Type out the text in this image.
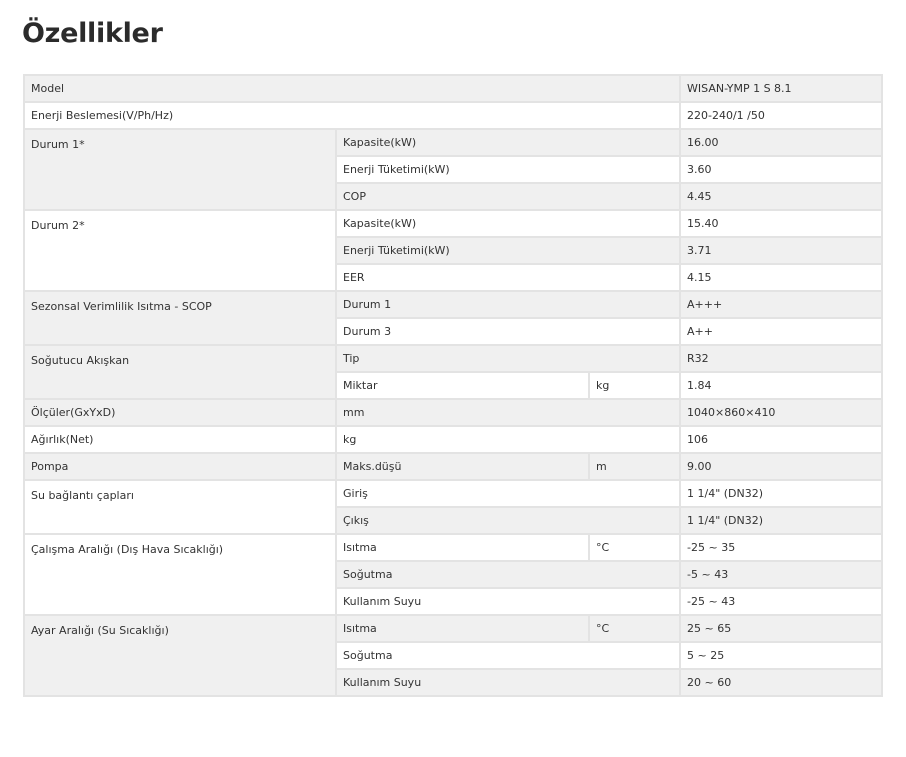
Özellikler
Model			WISAN-YMP 1 S 8.1
Enerji Beslemesi(V/Ph/Hz)			220-240/1 /50
Durum 1*	Kapasite(kW)		16.00
	Enerji Tüketimi(kW)		3.60
	COP		4.45
Durum 2*	Kapasite(kW)		15.40
	Enerji Tüketimi(kW)		3.71
	EER		4.15
Sezonsal Verimlilik Isıtma - SCOP	Durum 1		A+++
	Durum 3		A++
Soğutucu Akışkan	Tip		R32
	Miktar	kg	1.84
Ölçüler(GxYxD)	mm		1040×860×410
Ağırlık(Net)	kg		106
Pompa	Maks.düşü	m	9.00
Su bağlantı çapları	Giriş		1 1/4" (DN32)
	Çıkış		1 1/4" (DN32)
Çalışma Aralığı (Dış Hava Sıcaklığı)	Isıtma	°C	-25 ~ 35
	Soğutma		-5 ~ 43
	Kullanım Suyu		-25 ~ 43
Ayar Aralığı (Su Sıcaklığı)	Isıtma	°C	25 ~ 65
	Soğutma		5 ~ 25
	Kullanım Suyu		20 ~ 60
